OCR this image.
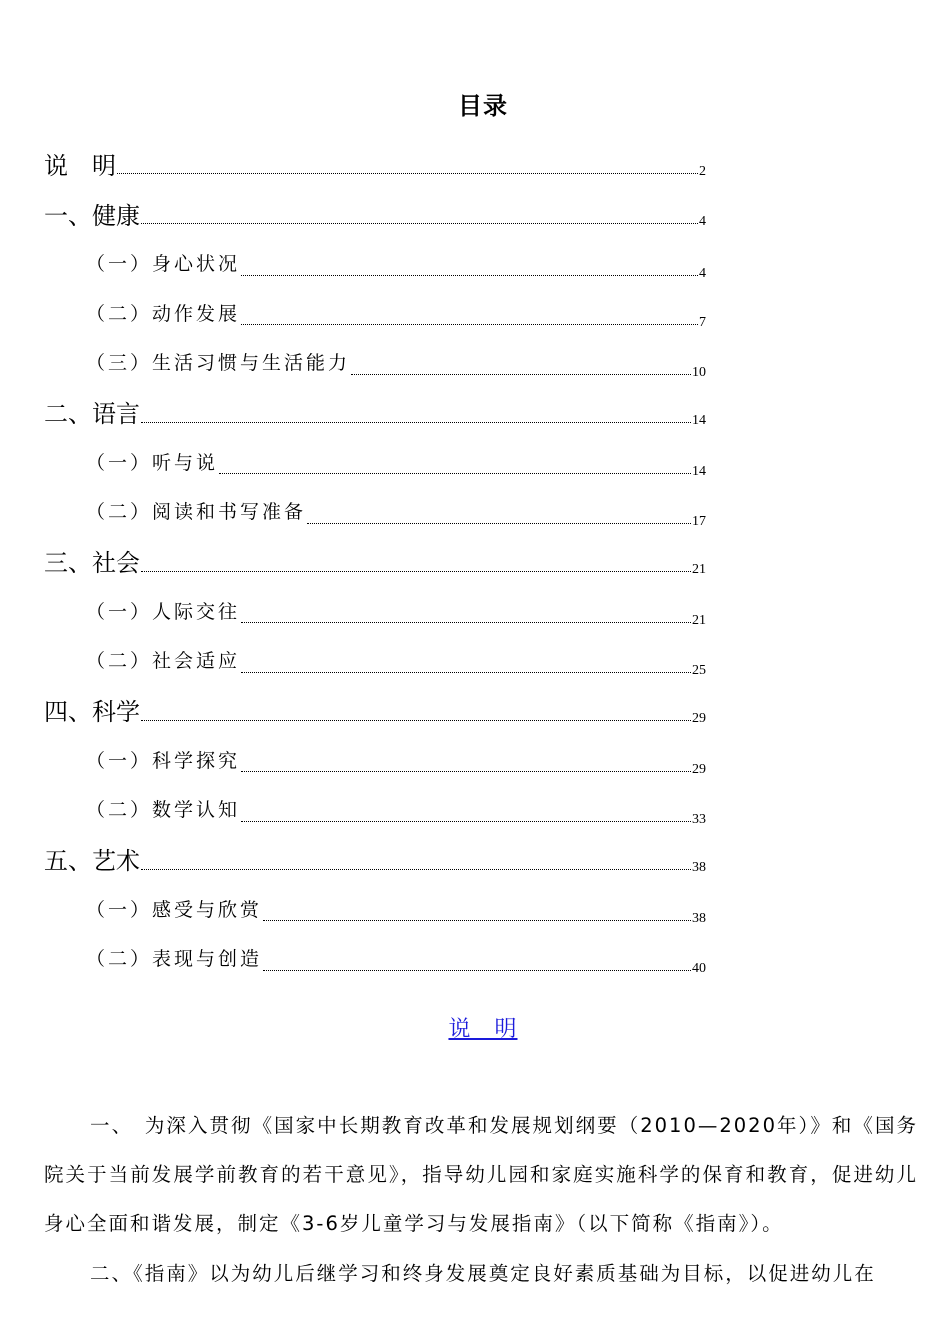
目录
说　明	2
一、健康	4
（一）身心状况	4
（二）动作发展	7
（三）生活习惯与生活能力	10
二、语言	14
（一）听与说	14
（二）阅读和书写准备	17
三、社会	21
（一）人际交往	21
（二）社会适应	25
四、科学	29
（一）科学探究	29
（二）数学认知	33
五、艺术	38
（一）感受与欣赏	38
（二）表现与创造	40
说　明
一、　为深入贯彻《国家中长期教育改革和发展规划纲要（2010—2020年）》和《国务院关于当前发展学前教育的若干意见》，指导幼儿园和家庭实施科学的保育和教育，促进幼儿身心全面和谐发展，制定《3-6岁儿童学习与发展指南》（以下简称《指南》）。
二、《指南》以为幼儿后继学习和终身发展奠定良好素质基础为目标，以促进幼儿在
